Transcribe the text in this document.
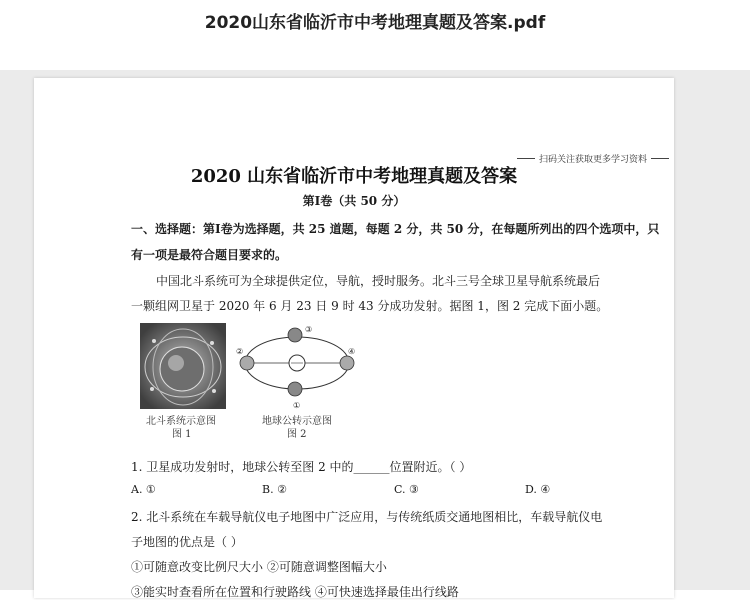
2020山东省临沂市中考地理真题及答案.pdf
扫码关注获取更多学习资料
2020 山东省临沂市中考地理真题及答案
第Ⅰ卷（共 50 分）
一、选择题：第Ⅰ卷为选择题，共 25 道题，每题 2 分，共 50 分，在每题所列出的四个选项中，只
有一项是最符合题目要求的。
中国北斗系统可为全球提供定位，导航，授时服务。北斗三号全球卫星导航系统最后
一颗组网卫星于 2020 年 6 月 23 日 9 时 43 分成功发射。据图 1，图 2 完成下面小题。
③
②	④
①
北斗系统示意图
图 1
地球公转示意图
图 2
1. 卫星成功发射时，地球公转至图 2 中的______位置附近。（ ）
A. ①	B. ②	C. ③	D. ④
2. 北斗系统在车载导航仪电子地图中广泛应用，与传统纸质交通地图相比，车载导航仪电
子地图的优点是（ ）
①可随意改变比例尺大小 ②可随意调整图幅大小
③能实时查看所在位置和行驶路线 ④可快速选择最佳出行线路
